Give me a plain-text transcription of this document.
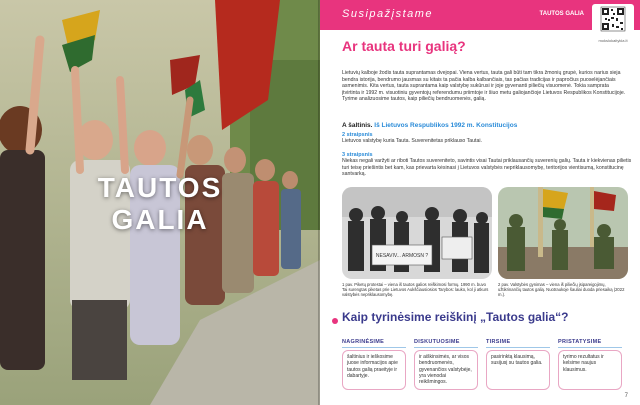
TAUTOS
GALIA
Susipažįstame	TAUTOS GALIA
mokslokaitykla.lt
Ar tauta turi galią?
Lietuvių kalboje žodis tauta suprantamas dvejopai. Viena vertus, tauta gali būti tam tikra žmonių grupė, kurios narius sieja bendra istorija, bendrumo jausmas su kitais ta pačia kalba kalbančiais, tas pačias tradicijas ir papročius puoselėjančiais asmenimis. Kita vertus, tauta suprantama kaip valstybę sukūrusi ir joje gyvenanti piliečių visuomenė. Tokia samprata įtvirtinta ir 1992 m. visuotiniu gyventojų referendumu priimtoje ir šiuo metu galiojančioje Lietuvos Respublikos Konstitucijoje. Tyrime analizuosime tautos, kaip piliečių bendruomenės, galią.
A šaltinis. Iš Lietuvos Respublikos 1992 m. Konstitucijos
2 straipsnis
Lietuvos valstybę kuria Tauta. Suverenitetas priklauso Tautai.
3 straipsnis
Niekas negali varžyti ar riboti Tautos suvereniteto, savintis visai Tautai priklausančių suverenių galių. Tauta ir kiekvienas pilietis turi teisę priešintis bet kam, kas prievarta kėsinasi į Lietuvos valstybės nepriklausomybę, teritorijos vientisumą, konstitucinę santvarką.
NESAVIV... ARMOSN ?
1 pav. Piketų protestai – viena iš tautos galios reiškimosi formų. 1990 m. buvo Tai surengtas piketas prie Lietuvos Aukščiausiosios Tarybos: lauko, kol ji atkurs valstybės nepriklausomybę.
2 pav. Valstybės gynimas – viena iš piliečių įsipareigojimų, užtikrinančių tautos galią. Nuotraukoje šauliai duoda priesaiką (2022 m.).
Kaip tyrinėsime reiškinį „Tautos galia“?
NAGRINĖSIME
šaltinius ir ieškosime juose informacijos apie tautos galią praeityje ir dabartyje.
DISKUTUOSIME
ir aiškinsimės, ar visos bendruomenės, gyvenančios valstybėje, yra vienodai reikšmingos.
TIRSIME
pasirinktą klausimą, susijusį su tautos galia.
PRISTATYSIME
tyrimo rezultatus ir kelsime naujus klausimus.
7
